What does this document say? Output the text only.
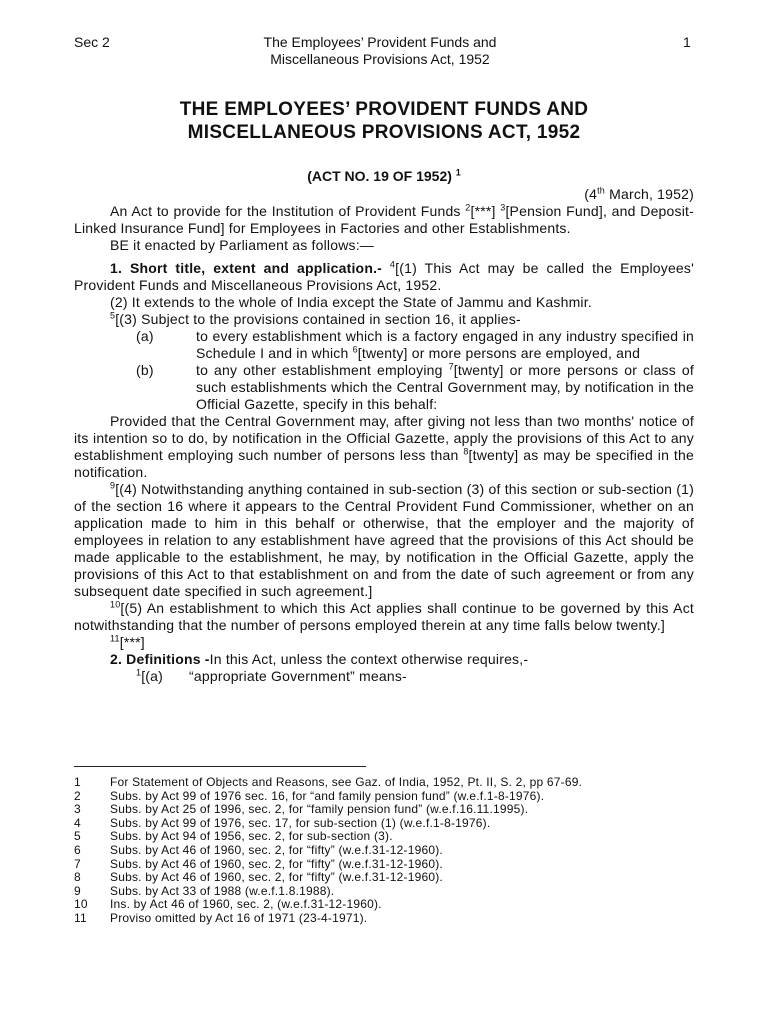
Sec 2	The Employees’ Provident Funds and
Miscellaneous Provisions Act, 1952
1
THE EMPLOYEES’ PROVIDENT FUNDS AND
MISCELLANEOUS PROVISIONS ACT, 1952
(ACT NO. 19 OF 1952) $^1$

(4th March, 1952)

An Act to provide for the Institution of Provident Funds $^2$[***] $^3$[Pension Fund], and Deposit-Linked Insurance Fund] for Employees in Factories and other Establishments.

BE it enacted by Parliament as follows:—

1. Short title, extent and application.- $^4$[(1) This Act may be called the Employees' Provident Funds and Miscellaneous Provisions Act, 1952.

(2) It extends to the whole of India except the State of Jammu and Kashmir.

$^5$[(3) Subject to the provisions contained in section 16, it applies-

(a)	to every establishment which is a factory engaged in any industry specified in Schedule I and in which $^6$[twenty] or more persons are employed, and
(b)	to any other establishment employing $^7$[twenty] or more persons or class of such establishments which the Central Government may, by notification in the Official Gazette, specify in this behalf:

Provided that the Central Government may, after giving not less than two months' notice of its intention so to do, by notification in the Official Gazette, apply the provisions of this Act to any establishment employing such number of persons less than $^8$[twenty] as may be specified in the notification.

$^9$[(4) Notwithstanding anything contained in sub-section (3) of this section or sub-section (1) of the section 16 where it appears to the Central Provident Fund Commissioner, whether on an application made to him in this behalf or otherwise, that the employer and the majority of employees in relation to any establishment have agreed that the provisions of this Act should be made applicable to the establishment, he may, by notification in the Official Gazette, apply the provisions of this Act to that establishment on and from the date of such agreement or from any subsequent date specified in such agreement.]

$^{10}$[(5) An establishment to which this Act applies shall continue to be governed by this Act notwithstanding that the number of persons employed therein at any time falls below twenty.]

$^{11}$[***]

2. Definitions -In this Act, unless the context otherwise requires,-

$^1$[(a) “appropriate Government” means-

1	For Statement of Objects and Reasons, see Gaz. of India, 1952, Pt. II, S. 2, pp 67-69.
2	Subs. by Act 99 of 1976 sec. 16, for “and family pension fund” (w.e.f.1-8-1976).
3	Subs. by Act 25 of 1996, sec. 2, for “family pension fund” (w.e.f.16.11.1995).
4	Subs. by Act 99 of 1976, sec. 17, for sub-section (1) (w.e.f.1-8-1976).
5	Subs. by Act 94 of 1956, sec. 2, for sub-section (3).
6	Subs. by Act 46 of 1960, sec. 2, for “fifty” (w.e.f.31-12-1960).
7	Subs. by Act 46 of 1960, sec. 2, for “fifty” (w.e.f.31-12-1960).
8	Subs. by Act 46 of 1960, sec. 2, for “fifty” (w.e.f.31-12-1960).
9	Subs. by Act 33 of 1988 (w.e.f.1.8.1988).
10	Ins. by Act 46 of 1960, sec. 2, (w.e.f.31-12-1960).
11	Proviso omitted by Act 16 of 1971 (23-4-1971).
